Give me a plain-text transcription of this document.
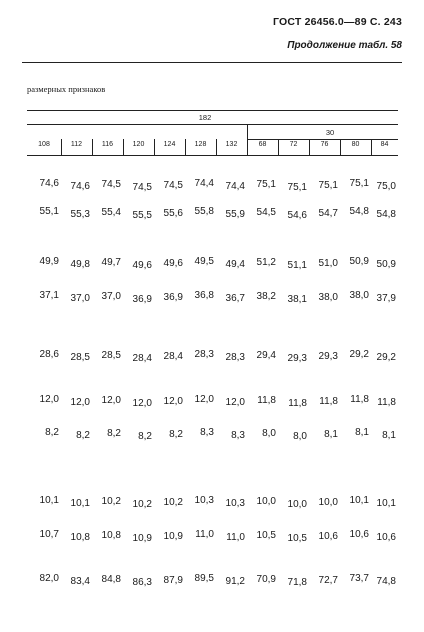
ГОСТ 26456.0—89 С. 243
Продолжение табл. 58
размерных признаков
182
30
108	112	116	120	124	128	132	68	72	76	80	84
74,6	74,6	74,5	74,5	74,5	74,4	74,4	75,1	75,1	75,1	75,1 75,0
55,1	55,3	55,4	55,5	55,6	55,8	55,9	54,5	54,6	54,7	54,8 54,8
49,9	49,8	49,7	49,6	49,6	49,5	49,4	51,2	51,1	51,0	50,9 50,9
37,1	37,0	37,0	36,9	36,9	36,8	36,7	38,2	38,1	38,0	38,0 37,9
28,6	28,5	28,5	28,4	28,4	28,3	28,3	29,4	29,3	29,3	29,2 29,2
12,0	12,0	12,0	12,0	12,0	12,0	12,0	11,8	11,8	11,8	11,8 11,8
8,2	8,2	8,2	8,2	8,2	8,3	8,3	8,0	8,0	8,1	8,1	8,1
10,1	10,1	10,2	10,2	10,2	10,3	10,3	10,0	10,0	10,0	10,1 10,1
10,7	10,8	10,8	10,9	10,9	11,0	11,0	10,5	10,5	10,6	10,6 10,6
82,0	83,4	84,8	86,3	87,9	89,5	91,2	70,9	71,8	72,7	73,7 74,8
